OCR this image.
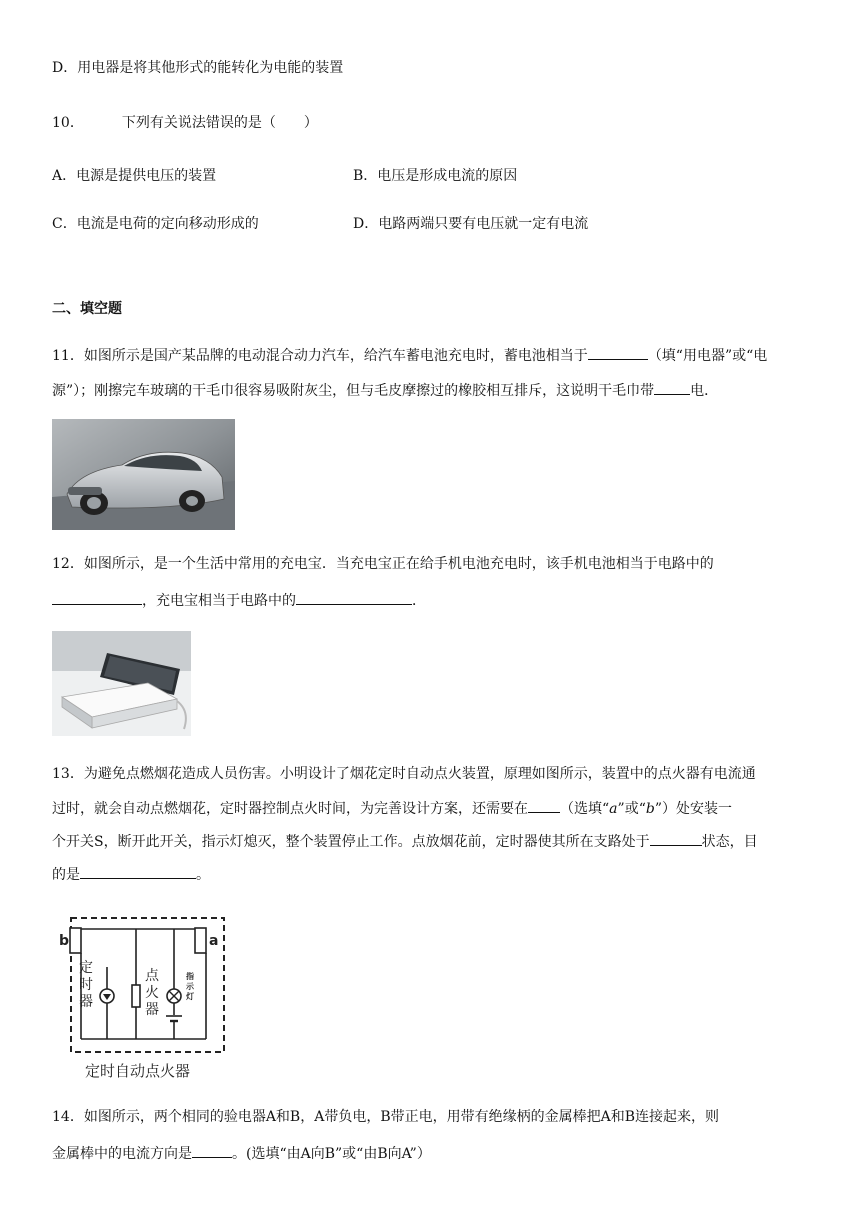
D．用电器是将其他形式的能转化为电能的装置
10．	下列有关说法错误的是（　　）
A．电源是提供电压的装置	B．电压是形成电流的原因
C．电流是电荷的定向移动形成的	D．电路两端只要有电压就一定有电流
二、填空题
11．如图所示是国产某品牌的电动混合动力汽车，给汽车蓄电池充电时，蓄电池相当于	（填“用电器”或“电
源”）；刚擦完车玻璃的干毛巾很容易吸附灰尘，但与毛皮摩擦过的橡胶相互排斥，这说明干毛巾带	电．
12．如图所示，是一个生活中常用的充电宝．当充电宝正在给手机电池充电时，该手机电池相当于电路中的
，充电宝相当于电路中的	．
13．为避免点燃烟花造成人员伤害。小明设计了烟花定时自动点火装置，原理如图所示，装置中的点火器有电流通
过时，就会自动点燃烟花，定时器控制点火时间，为完善设计方案，还需要在 （选填“a”或“b”）处安装一
个开关S，断开此开关，指示灯熄灭，整个装置停止工作。点放烟花前，定时器使其所在支路处于	状态，目
的是	。
b	a
定时自动点火器
定时器
点火器
指示灯
14．如图所示，两个相同的验电器A和B，A带负电，B带正电，用带有绝缘柄的金属棒把A和B连接起来，则
金属棒中的电流方向是	。(选填“由A向B”或“由B向A”）
